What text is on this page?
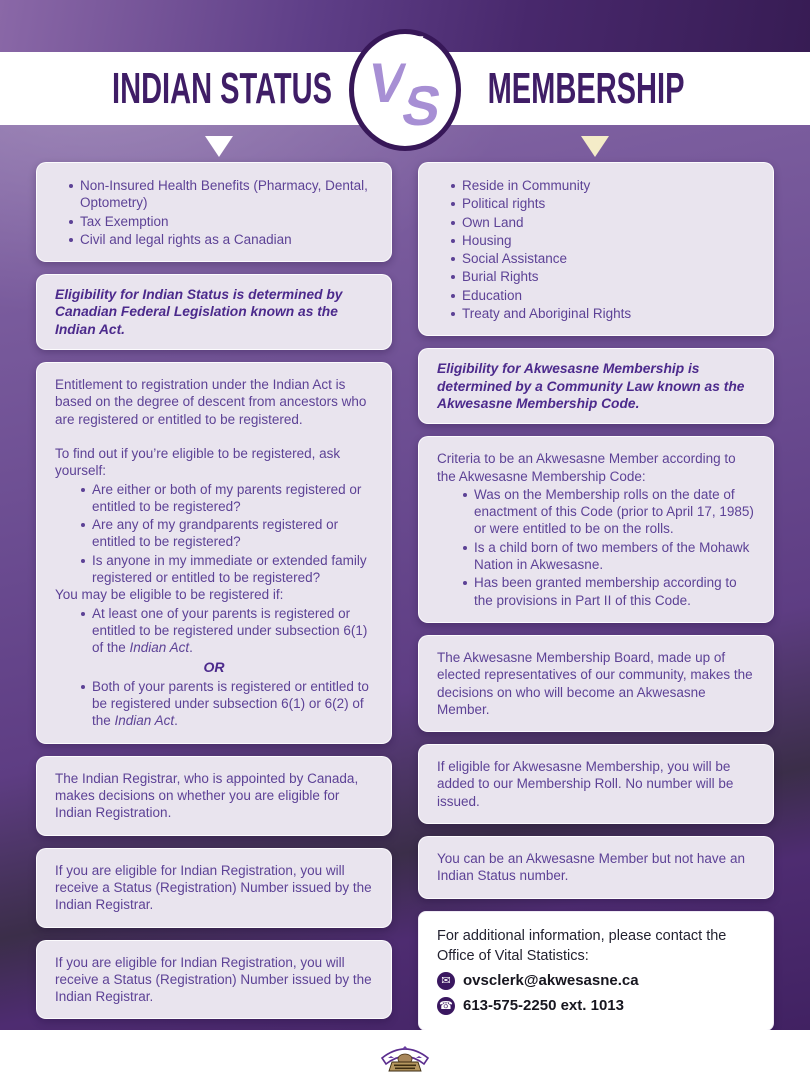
INDIAN STATUS	MEMBERSHIP
V
S
Non-Insured Health Benefits (Pharmacy, Dental, Optometry)
Tax Exemption
Civil and legal rights as a Canadian
Eligibility for Indian Status is determined by Canadian Federal Legislation known as the Indian Act.

Entitlement to registration under the Indian Act is based on the degree of descent from ancestors who are registered or entitled to be registered.

To find out if you’re eligible to be registered, ask yourself:

Are either or both of my parents registered or entitled to be registered?
Are any of my grandparents registered or entitled to be registered?
Is anyone in my immediate or extended family registered or entitled to be registered?

You may be eligible to be registered if:

At least one of your parents is registered or entitled to be registered under subsection 6(1) of the Indian Act.

OR

Both of your parents is registered or entitled to be registered under subsection 6(1) or 6(2) of the Indian Act.
The Indian Registrar, who is appointed by Canada, makes decisions on whether you are eligible for Indian Registration.
If you are eligible for Indian Registration, you will receive a Status (Registration) Number issued by the Indian Registrar.
If you are eligible for Indian Registration, you will receive a Status (Registration) Number issued by the Indian Registrar.
Reside in Community
Political rights
Own Land
Housing
Social Assistance
Burial Rights
Education
Treaty and Aboriginal Rights
Eligibility for Akwesasne Membership is determined by a Community Law known as the Akwesasne Membership Code.

Criteria to be an Akwesasne Member according to the Akwesasne Membership Code:

Was on the Membership rolls on the date of enactment of this Code (prior to April 17, 1985) or were entitled to be on the rolls.
Is a child born of two members of the Mohawk Nation in Akwesasne.
Has been granted membership according to the provisions in Part II of this Code.
The Akwesasne Membership Board, made up of elected representatives of our community, makes the decisions on who will become an Akwesasne Member.
If eligible for Akwesasne Membership, you will be added to our Membership Roll. No number will be issued.
You can be an Akwesasne Member but not have an Indian Status number.

For additional information, please contact the Office of Vital Statistics:

✉ ovsclerk@akwesasne.ca
☎ 613-575-2250 ext. 1013
